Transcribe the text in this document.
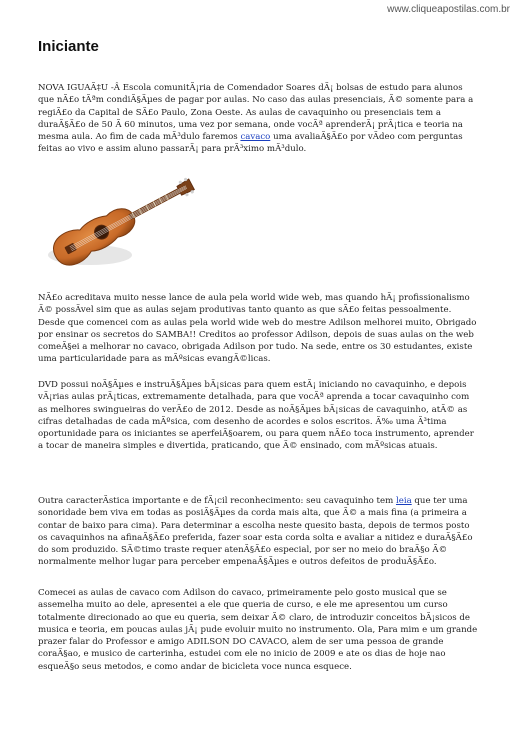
www.cliqueapostilas.com.br
Iniciante

NOVA IGUAÃ‡U -Â Escola comunitÃ¡ria de Comendador Soares dÃ¡ bolsas de estudo para alunos que nÃ£o tÃªm condiÃ§Ãµes de pagar por aulas. No caso das aulas presenciais, Ã© somente para a regiÃ£o da Capital de SÃ£o Paulo, Zona Oeste. As aulas de cavaquinho ou presenciais tem a duraÃ§Ã£o de 50 Ã 60 minutos, uma vez por semana, onde vocÃª aprenderÃ¡ prÃ¡tica e teoria na mesma aula. Ao fim de cada mÃ³dulo faremos cavaco uma avaliaÃ§Ã£o por vÃdeo com perguntas feitas ao vivo e assim aluno passarÃ¡ para prÃ³ximo mÃ³dulo.

NÃ£o acreditava muito nesse lance de aula pela world wide web, mas quando hÃ¡ profissionalismo Ã© possÃvel sim que as aulas sejam produtivas tanto quanto as que sÃ£o feitas pessoalmente. Desde que comencei com as aulas pela world wide web do mestre Adilson melhorei muito, Obrigado por ensinar os secretos do SAMBA!! Creditos ao professor Adilson, depois de suas aulas on the web comeÃ§ei a melhorar no cavaco, obrigada Adilson por tudo. Na sede, entre os 30 estudantes, existe uma particularidade para as mÃºsicas evangÃ©licas.

DVD possui noÃ§Ãµes e instruÃ§Ãµes bÃ¡sicas para quem estÃ¡ iniciando no cavaquinho, e depois vÃ¡rias aulas prÃ¡ticas, extremamente detalhada, para que vocÃª aprenda a tocar cavaquinho com as melhores swingueiras do verÃ£o de 2012. Desde as noÃ§Ãµes bÃ¡sicas de cavaquinho, atÃ© as cifras detalhadas de cada mÃºsica, com desenho de acordes e solos escritos. Ã‰ uma Ã³tima oportunidade para os iniciantes se aperfeiÃ§oarem, ou para quem nÃ£o toca instrumento, aprender a tocar de maneira simples e divertida, praticando, que Ã© ensinado, com mÃºsicas atuais.

Outra caracterÃstica importante e de fÃ¡cil reconhecimento: seu cavaquinho tem leia que ter uma sonoridade bem viva em todas as posiÃ§Ãµes da corda mais alta, que Ã© a mais fina (a primeira a contar de baixo para cima). Para determinar a escolha neste quesito basta, depois de termos posto os cavaquinhos na afinaÃ§Ã£o preferida, fazer soar esta corda solta e avaliar a nitidez e duraÃ§Ã£o do som produzido. SÃ©timo traste requer atenÃ§Ã£o especial, por ser no meio do braÃ§o Ã© normalmente melhor lugar para perceber empenaÃ§Ãµes e outros defeitos de produÃ§Ã£o.

Comecei as aulas de cavaco com Adilson do cavaco, primeiramente pelo gosto musical que se assemelha muito ao dele, apresentei a ele que queria de curso, e ele me apresentou um curso totalmente direcionado ao que eu queria, sem deixar Ã© claro, de introduzir conceitos bÃ¡sicos de musica e teoria, em poucas aulas jÃ¡ pude evoluir muito no instrumento. Ola, Para mim e um grande prazer falar do Professor e amigo ADILSON DO CAVACO, alem de ser uma pessoa de grande coraÃ§ao, e musico de carterinha, estudei com ele no inicio de 2009 e ate os dias de hoje nao esqueÃ§o seus metodos, e como andar de bicicleta voce nunca esquece.
